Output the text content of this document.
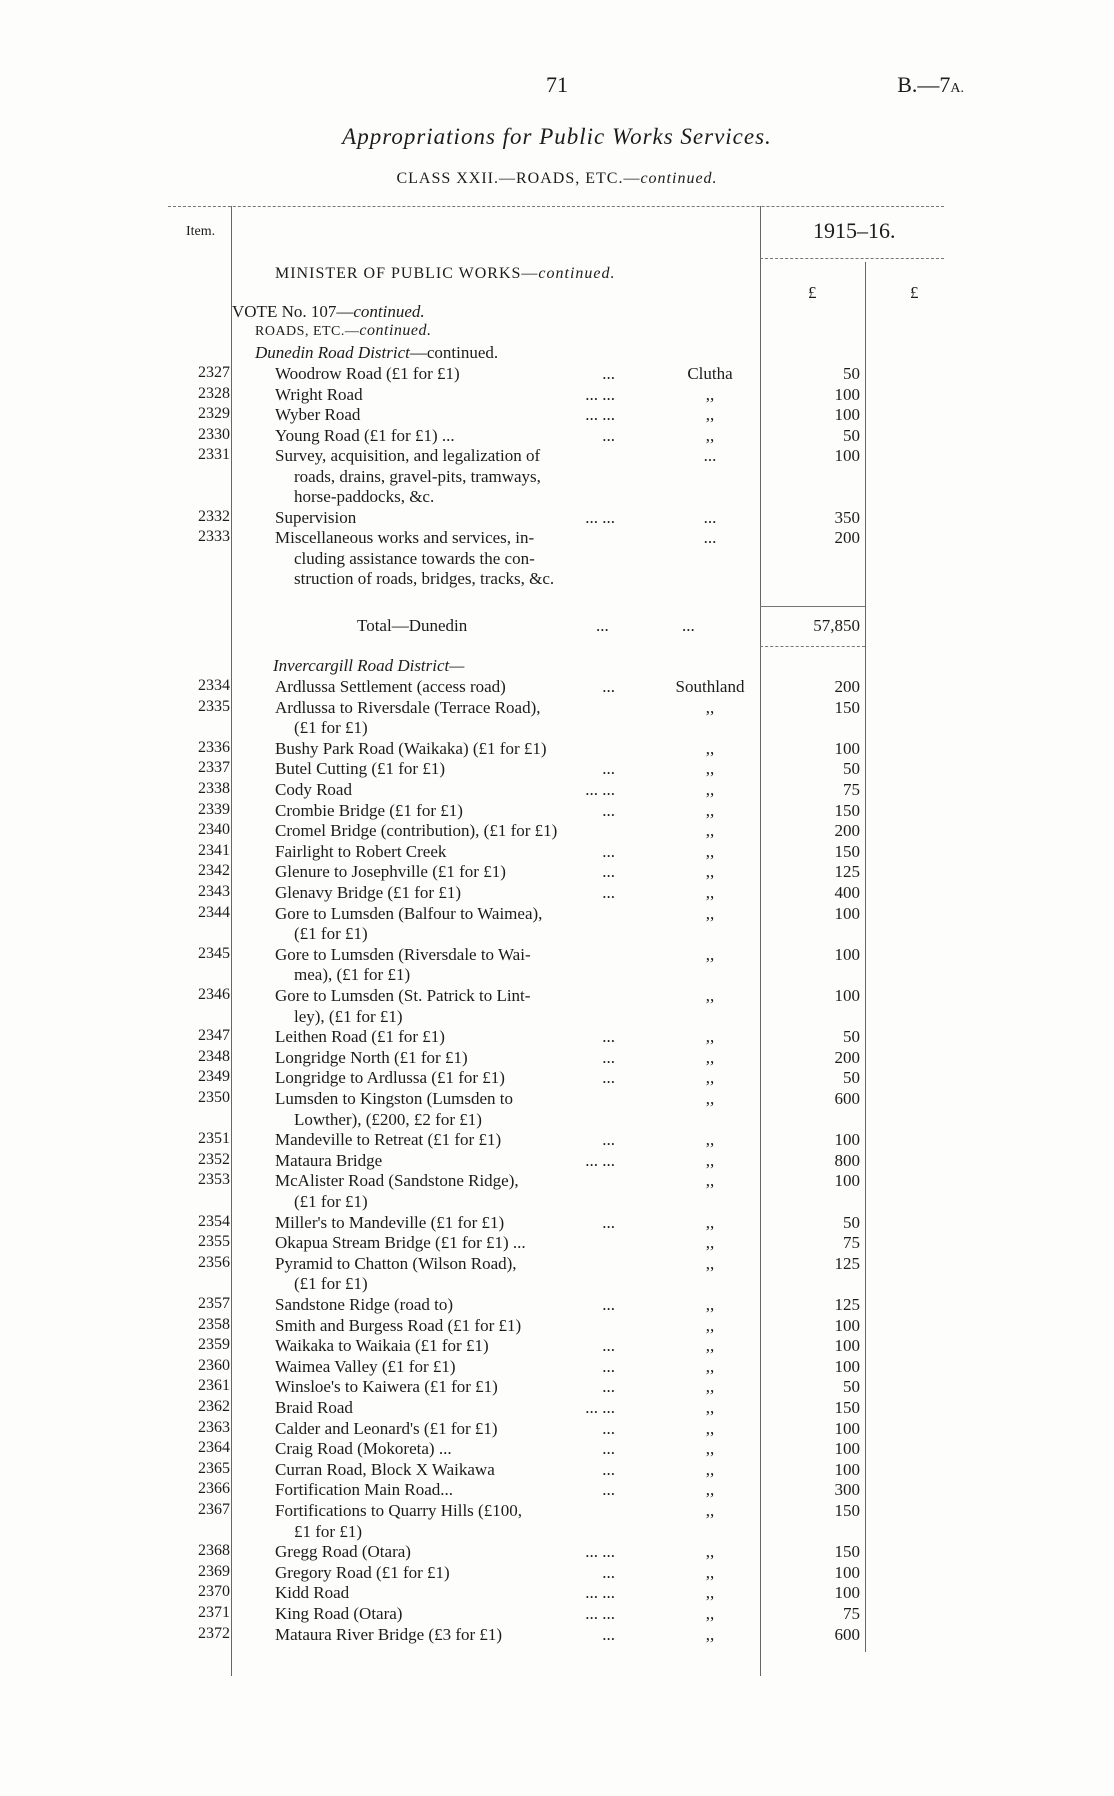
71	B.—7A.
Appropriations for Public Works Services.
CLASS XXII.—ROADS, ETC.—continued.
Item.	1915–16.
£	£
MINISTER OF PUBLIC WORKS—continued.
VOTE No. 107—continued.
ROADS, ETC.—continued.
Dunedin Road District—continued.
2327	Woodrow Road (£1 for £1)	...	Clutha	50
2328	Wright Road	... ...	,,	100
2329	Wyber Road	... ...	,,	100
2330	Young Road (£1 for £1) ...	...	,,	50
2331	Survey, acquisition, and legalization of
roads, drains, gravel-pits, tramways,
horse-paddocks, &c.
...	100
2332	Supervision	... ...	...	350
2333	Miscellaneous works and services, in-
cluding assistance towards the con-
struction of roads, bridges, tracks, &c.
...	200
Total—Dunedin	...	...	57,850
Invercargill Road District—
2334	Ardlussa Settlement (access road)	...	Southland	200
2335	Ardlussa to Riversdale (Terrace Road),
(£1 for £1)
,,	150
2336	Bushy Park Road (Waikaka) (£1 for £1)	,,	100
2337	Butel Cutting (£1 for £1)	...	,,	50
2338	Cody Road	... ...	,,	75
2339	Crombie Bridge (£1 for £1)	...	,,	150
2340	Cromel Bridge (contribution), (£1 for £1)	,,	200
2341	Fairlight to Robert Creek	...	,,	150
2342	Glenure to Josephville (£1 for £1)	...	,,	125
2343	Glenavy Bridge (£1 for £1)	...	,,	400
2344	Gore to Lumsden (Balfour to Waimea),
(£1 for £1)
,,	100
2345	Gore to Lumsden (Riversdale to Wai-
mea), (£1 for £1)
,,	100
2346	Gore to Lumsden (St. Patrick to Lint-
ley), (£1 for £1)
,,	100
2347	Leithen Road (£1 for £1)	...	,,	50
2348	Longridge North (£1 for £1)	...	,,	200
2349	Longridge to Ardlussa (£1 for £1)	...	,,	50
2350	Lumsden to Kingston (Lumsden to
Lowther), (£200, £2 for £1)
,,	600
2351	Mandeville to Retreat (£1 for £1)	...	,,	100
2352	Mataura Bridge	... ...	,,	800
2353	McAlister Road (Sandstone Ridge),
(£1 for £1)
,,	100
2354	Miller's to Mandeville (£1 for £1)	...	,,	50
2355	Okapua Stream Bridge (£1 for £1) ...	,,	75
2356	Pyramid to Chatton (Wilson Road),
(£1 for £1)
,,	125
2357	Sandstone Ridge (road to)	...	,,	125
2358	Smith and Burgess Road (£1 for £1)	,,	100
2359	Waikaka to Waikaia (£1 for £1)	...	,,	100
2360	Waimea Valley (£1 for £1)	...	,,	100
2361	Winsloe's to Kaiwera (£1 for £1)	...	,,	50
2362	Braid Road	... ...	,,	150
2363	Calder and Leonard's (£1 for £1)	...	,,	100
2364	Craig Road (Mokoreta) ...	...	,,	100
2365	Curran Road, Block X Waikawa	...	,,	100
2366	Fortification Main Road...	...	,,	300
2367	Fortifications to Quarry Hills (£100,
£1 for £1)
,,	150
2368	Gregg Road (Otara)	... ...	,,	150
2369	Gregory Road (£1 for £1)	...	,,	100
2370	Kidd Road	... ...	,,	100
2371	King Road (Otara)	... ...	,,	75
2372	Mataura River Bridge (£3 for £1)	...	,,	600
